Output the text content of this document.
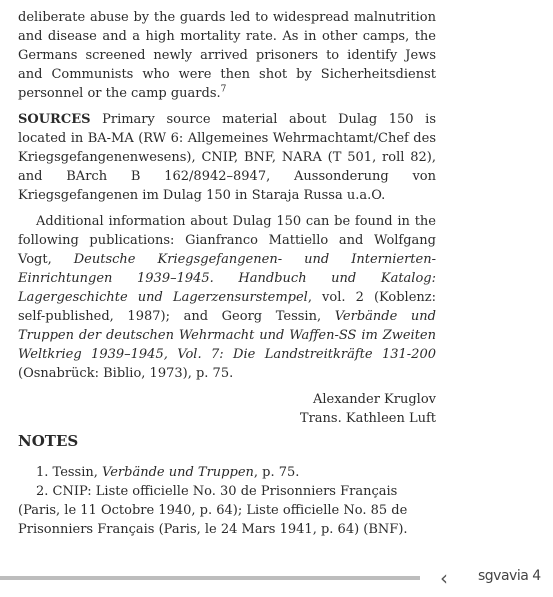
deliberate abuse by the guards led to widespread malnutrition and disease and a high mortality rate. As in other camps, the Germans screened newly arrived prisoners to identify Jews and Communists who were then shot by Sicherheitsdienst personnel or the camp guards.$^7$

SOURCES Primary source material about Dulag 150 is located in BA-MA (RW 6: Allgemeines Wehrmachtamt/Chef des Kriegsgefangenenwesens), CNIP, BNF, NARA (T 501, roll 82), and BArch B 162/8942–8947, Aussonderung von Kriegsgefangenen im Dulag 150 in Staraja Russa u.a.O.

Additional information about Dulag 150 can be found in the following publications: Gianfranco Mattiello and Wolfgang Vogt, Deutsche Kriegsgefangenen- und Internierten-Einrichtungen 1939–1945. Handbuch und Katalog: Lagergeschichte und Lagerzensurstempel, vol. 2 (Koblenz: self-published, 1987); and Georg Tessin, Verbände und Truppen der deutschen Wehrmacht und Waffen-SS im Zweiten Weltkrieg 1939–1945, Vol. 7: Die Landstreitkräfte 131-200 (Osnabrück: Biblio, 1973), p. 75.

Alexander Kruglov

Trans. Kathleen Luft

NOTES

1. Tessin, Verbände und Truppen, p. 75.

2. CNIP: Liste officielle No. 30 de Prisonniers Français (Paris, le 11 Octobre 1940, p. 64); Liste officielle No. 85 de Prisonniers Français (Paris, le 24 Mars 1941, p. 64) (BNF).

‹ sgvavia 4
